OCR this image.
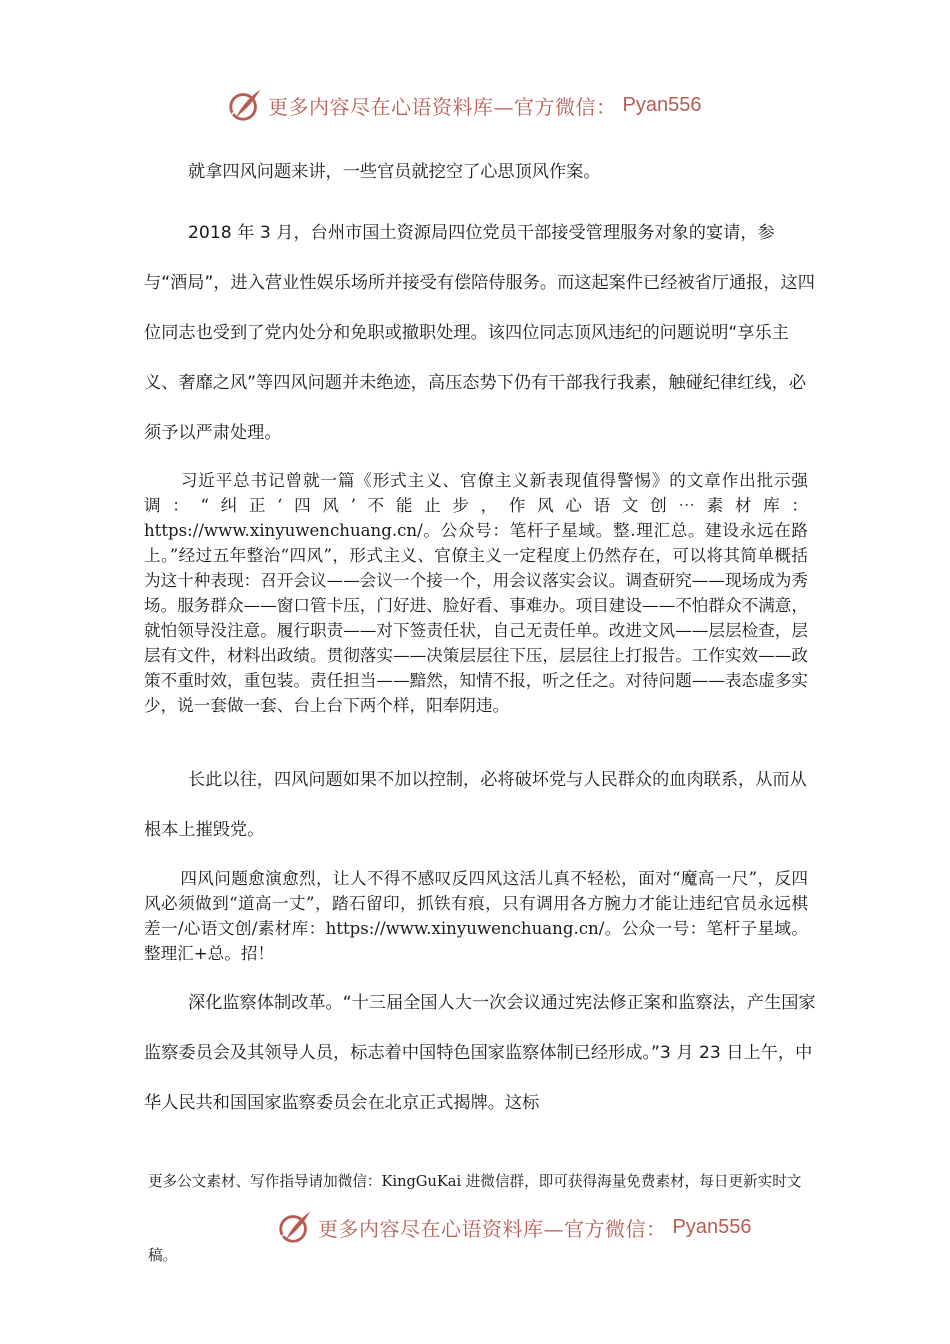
更多内容尽在心语资料库—官方微信： Pyan556

就拿四风问题来讲，一些官员就挖空了心思顶风作案。

2018 年 3 月，台州市国土资源局四位党员干部接受管理服务对象的宴请，参与“酒局”，进入营业性娱乐场所并接受有偿陪侍服务。而这起案件已经被省厅通报，这四位同志也受到了党内处分和免职或撤职处理。该四位同志顶风违纪的问题说明“享乐主义、奢靡之风”等四风问题并未绝迹，高压态势下仍有干部我行我素，触碰纪律红线，必须予以严肃处理。

习近平总书记曾就一篇《形式主义、官僚主义新表现值得警惕》的文章作出批示强调：“纠正‘四风’不能止步，作风心语文创⋯素材库：https://www.xinyuwenchuang.cn/。公众号：笔杆子星域。整.理汇总。建设永远在路上。”经过五年整治“四风”，形式主义、官僚主义一定程度上仍然存在，可以将其简单概括为这十种表现：召开会议——会议一个接一个，用会议落实会议。调查研究——现场成为秀场。服务群众——窗口管卡压，门好进、脸好看、事难办。项目建设——不怕群众不满意，就怕领导没注意。履行职责——对下签责任状，自己无责任单。改进文风——层层检查，层层有文件，材料出政绩。贯彻落实——决策层层往下压，层层往上打报告。工作实效——政策不重时效，重包装。责任担当——黯然，知情不报，听之任之。对待问题——表态虚多实少，说一套做一套、台上台下两个样，阳奉阴违。

长此以往，四风问题如果不加以控制，必将破坏党与人民群众的血肉联系，从而从根本上摧毁党。

四风问题愈演愈烈，让人不得不感叹反四风这活儿真不轻松，面对“魔高一尺”，反四风必须做到“道高一丈”，踏石留印，抓铁有痕，只有调用各方腕力才能让违纪官员永远棋差一/心语文创/素材库：https://www.xinyuwenchuang.cn/。公众一号：笔杆子星域。整理汇+总。招！

深化监察体制改革。“十三届全国人大一次会议通过宪法修正案和监察法，产生国家监察委员会及其领导人员，标志着中国特色国家监察体制已经形成。”3 月 23 日上午，中华人民共和国国家监察委员会在北京正式揭牌。这标

更多公文素材、写作指导请加微信：KingGuKai 进微信群，即可获得海量免费素材，每日更新实时文稿。

更多内容尽在心语资料库—官方微信： Pyan556
